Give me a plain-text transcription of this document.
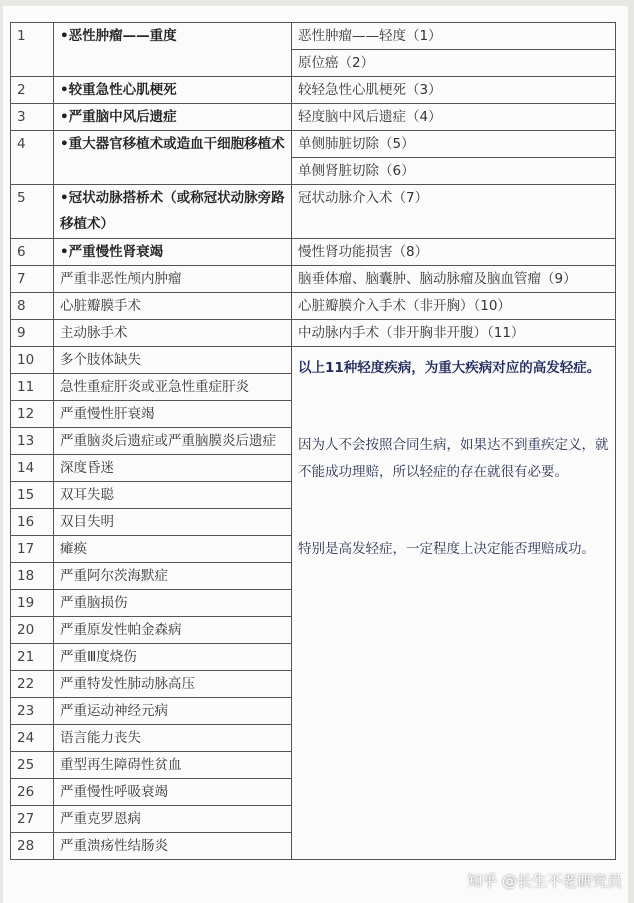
1	•恶性肿瘤——重度	恶性肿瘤——轻度（1）
		原位癌（2）
2	•较重急性心肌梗死	较轻急性心肌梗死（3）
3	•严重脑中风后遗症	轻度脑中风后遗症（4）
4	•重大器官移植术或造血干细胞移植术	单侧肺脏切除（5）
		单侧肾脏切除（6）
5	•冠状动脉搭桥术（或称冠状动脉旁路移植术）	冠状动脉介入术（7）
6	•严重慢性肾衰竭	慢性肾功能损害（8）
7	严重非恶性颅内肿瘤	脑垂体瘤、脑囊肿、脑动脉瘤及脑血管瘤（9）
8	心脏瓣膜手术	心脏瓣膜介入手术（非开胸）（10）
9	主动脉手术	中动脉内手术（非开胸非开腹）（11）
10	多个肢体缺失	以上11种轻度疾病，为重大疾病对应的高发轻症。

因为人不会按照合同生病，如果达不到重疾定义，就不能成功理赔，所以轻症的存在就很有必要。

特别是高发轻症，一定程度上决定能否理赔成功。

11	急性重症肝炎或亚急性重症肝炎	
12	严重慢性肝衰竭	
13	严重脑炎后遗症或严重脑膜炎后遗症	
14	深度昏迷	
15	双耳失聪	
16	双目失明	
17	瘫痪	
18	严重阿尔茨海默症	
19	严重脑损伤	
20	严重原发性帕金森病	
21	严重Ⅲ度烧伤	
22	严重特发性肺动脉高压	
23	严重运动神经元病	
24	语言能力丧失	
25	重型再生障碍性贫血	
26	严重慢性呼吸衰竭	
27	严重克罗恩病	
28	严重溃疡性结肠炎	
知乎 @长生不老研究员
